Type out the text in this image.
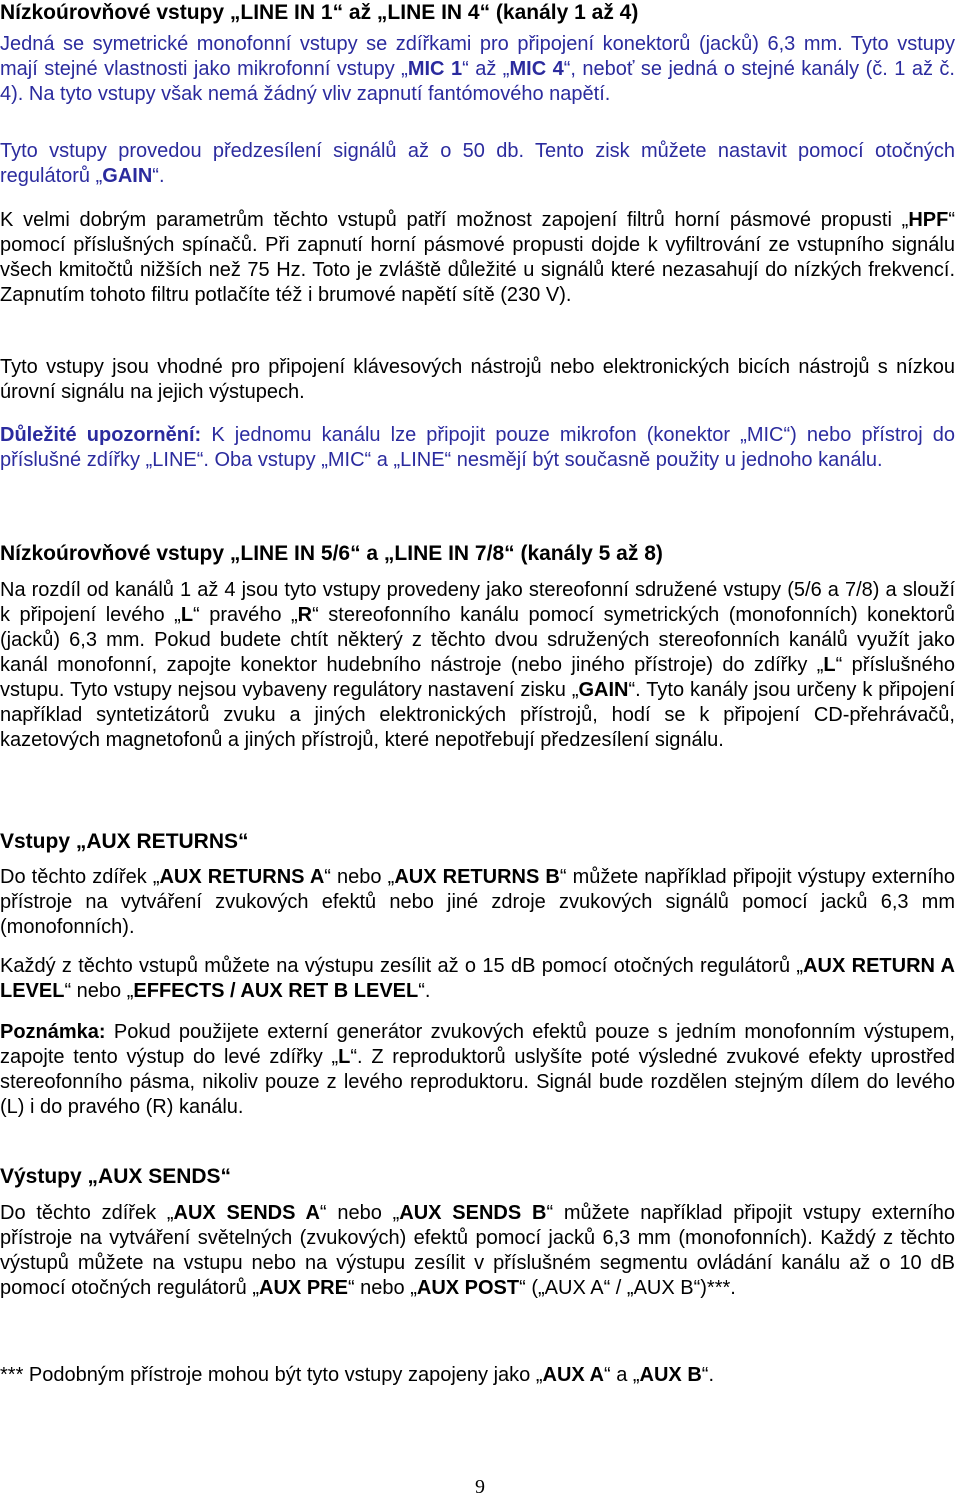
Nízkoúrovňové vstupy „LINE IN 1“ až „LINE IN 4“ (kanály 1 až 4)

Jedná se symetrické monofonní vstupy se zdířkami pro připojení konektorů (jacků) 6,3 mm. Tyto vstupy mají stejné vlastnosti jako mikrofonní vstupy „MIC 1“ až „MIC 4“, neboť se jedná o stejné kanály (č. 1 až č. 4). Na tyto vstupy však nemá žádný vliv zapnutí fantómového napětí.

Tyto vstupy provedou předzesílení signálů až o 50 db. Tento zisk můžete nastavit pomocí otočných regulátorů „GAIN“.

K velmi dobrým parametrům těchto vstupů patří možnost zapojení filtrů horní pásmové propusti „HPF“ pomocí příslušných spínačů. Při zapnutí horní pásmové propusti dojde k vyfiltrování ze vstupního signálu všech kmitočtů nižších než 75 Hz. Toto je zvláště důležité u signálů které nezasahují do nízkých frekvencí. Zapnutím tohoto filtru potlačíte též i brumové napětí sítě (230 V).

Tyto vstupy jsou vhodné pro připojení klávesových nástrojů nebo elektronických bicích nástrojů s nízkou úrovní signálu na jejich výstupech.

Důležité upozornění: K jednomu kanálu lze připojit pouze mikrofon (konektor „MIC“) nebo přístroj do příslušné zdířky „LINE“. Oba vstupy „MIC“ a „LINE“ nesmějí být současně použity u jednoho kanálu.

Nízkoúrovňové vstupy „LINE IN 5/6“ a „LINE IN 7/8“ (kanály 5 až 8)

Na rozdíl od kanálů 1 až 4 jsou tyto vstupy provedeny jako stereofonní sdružené vstupy (5/6 a 7/8) a slouží k připojení levého „L“ pravého „R“ stereofonního kanálu pomocí symetrických (monofonních) konektorů (jacků) 6,3 mm. Pokud budete chtít některý z těchto dvou sdružených stereofonních kanálů využít jako kanál monofonní, zapojte konektor hudebního nástroje (nebo jiného přístroje) do zdířky „L“ příslušného vstupu. Tyto vstupy nejsou vybaveny regulátory nastavení zisku „GAIN“. Tyto kanály jsou určeny k připojení například syntetizátorů zvuku a jiných elektronických přístrojů, hodí se k připojení CD-přehrávačů, kazetových magnetofonů a jiných přístrojů, které nepotřebují předzesílení signálu.

Vstupy „AUX RETURNS“

Do těchto zdířek „AUX RETURNS A“ nebo „AUX RETURNS B“ můžete například připojit výstupy externího přístroje na vytváření zvukových efektů nebo jiné zdroje zvukových signálů pomocí jacků 6,3 mm (monofonních).

Každý z těchto vstupů můžete na výstupu zesílit až o 15 dB pomocí otočných regulátorů „AUX RETURN A LEVEL“ nebo „EFFECTS / AUX RET B LEVEL“.

Poznámka: Pokud použijete externí generátor zvukových efektů pouze s jedním monofonním výstupem, zapojte tento výstup do levé zdířky „L“. Z reproduktorů uslyšíte poté výsledné zvukové efekty uprostřed stereofonního pásma, nikoliv pouze z levého reproduktoru. Signál bude rozdělen stejným dílem do levého (L) i do pravého (R) kanálu.

Výstupy „AUX SENDS“

Do těchto zdířek „AUX SENDS A“ nebo „AUX SENDS B“ můžete například připojit vstupy externího přístroje na vytváření světelných (zvukových) efektů pomocí jacků 6,3 mm (monofonních). Každý z těchto výstupů můžete na vstupu nebo na výstupu zesílit v příslušném segmentu ovládání kanálu až o 10 dB pomocí otočných regulátorů „AUX PRE“ nebo „AUX POST“ („AUX A“ / „AUX B“)***.

*** Podobným přístroje mohou být tyto vstupy zapojeny jako „AUX A“ a „AUX B“.

9
